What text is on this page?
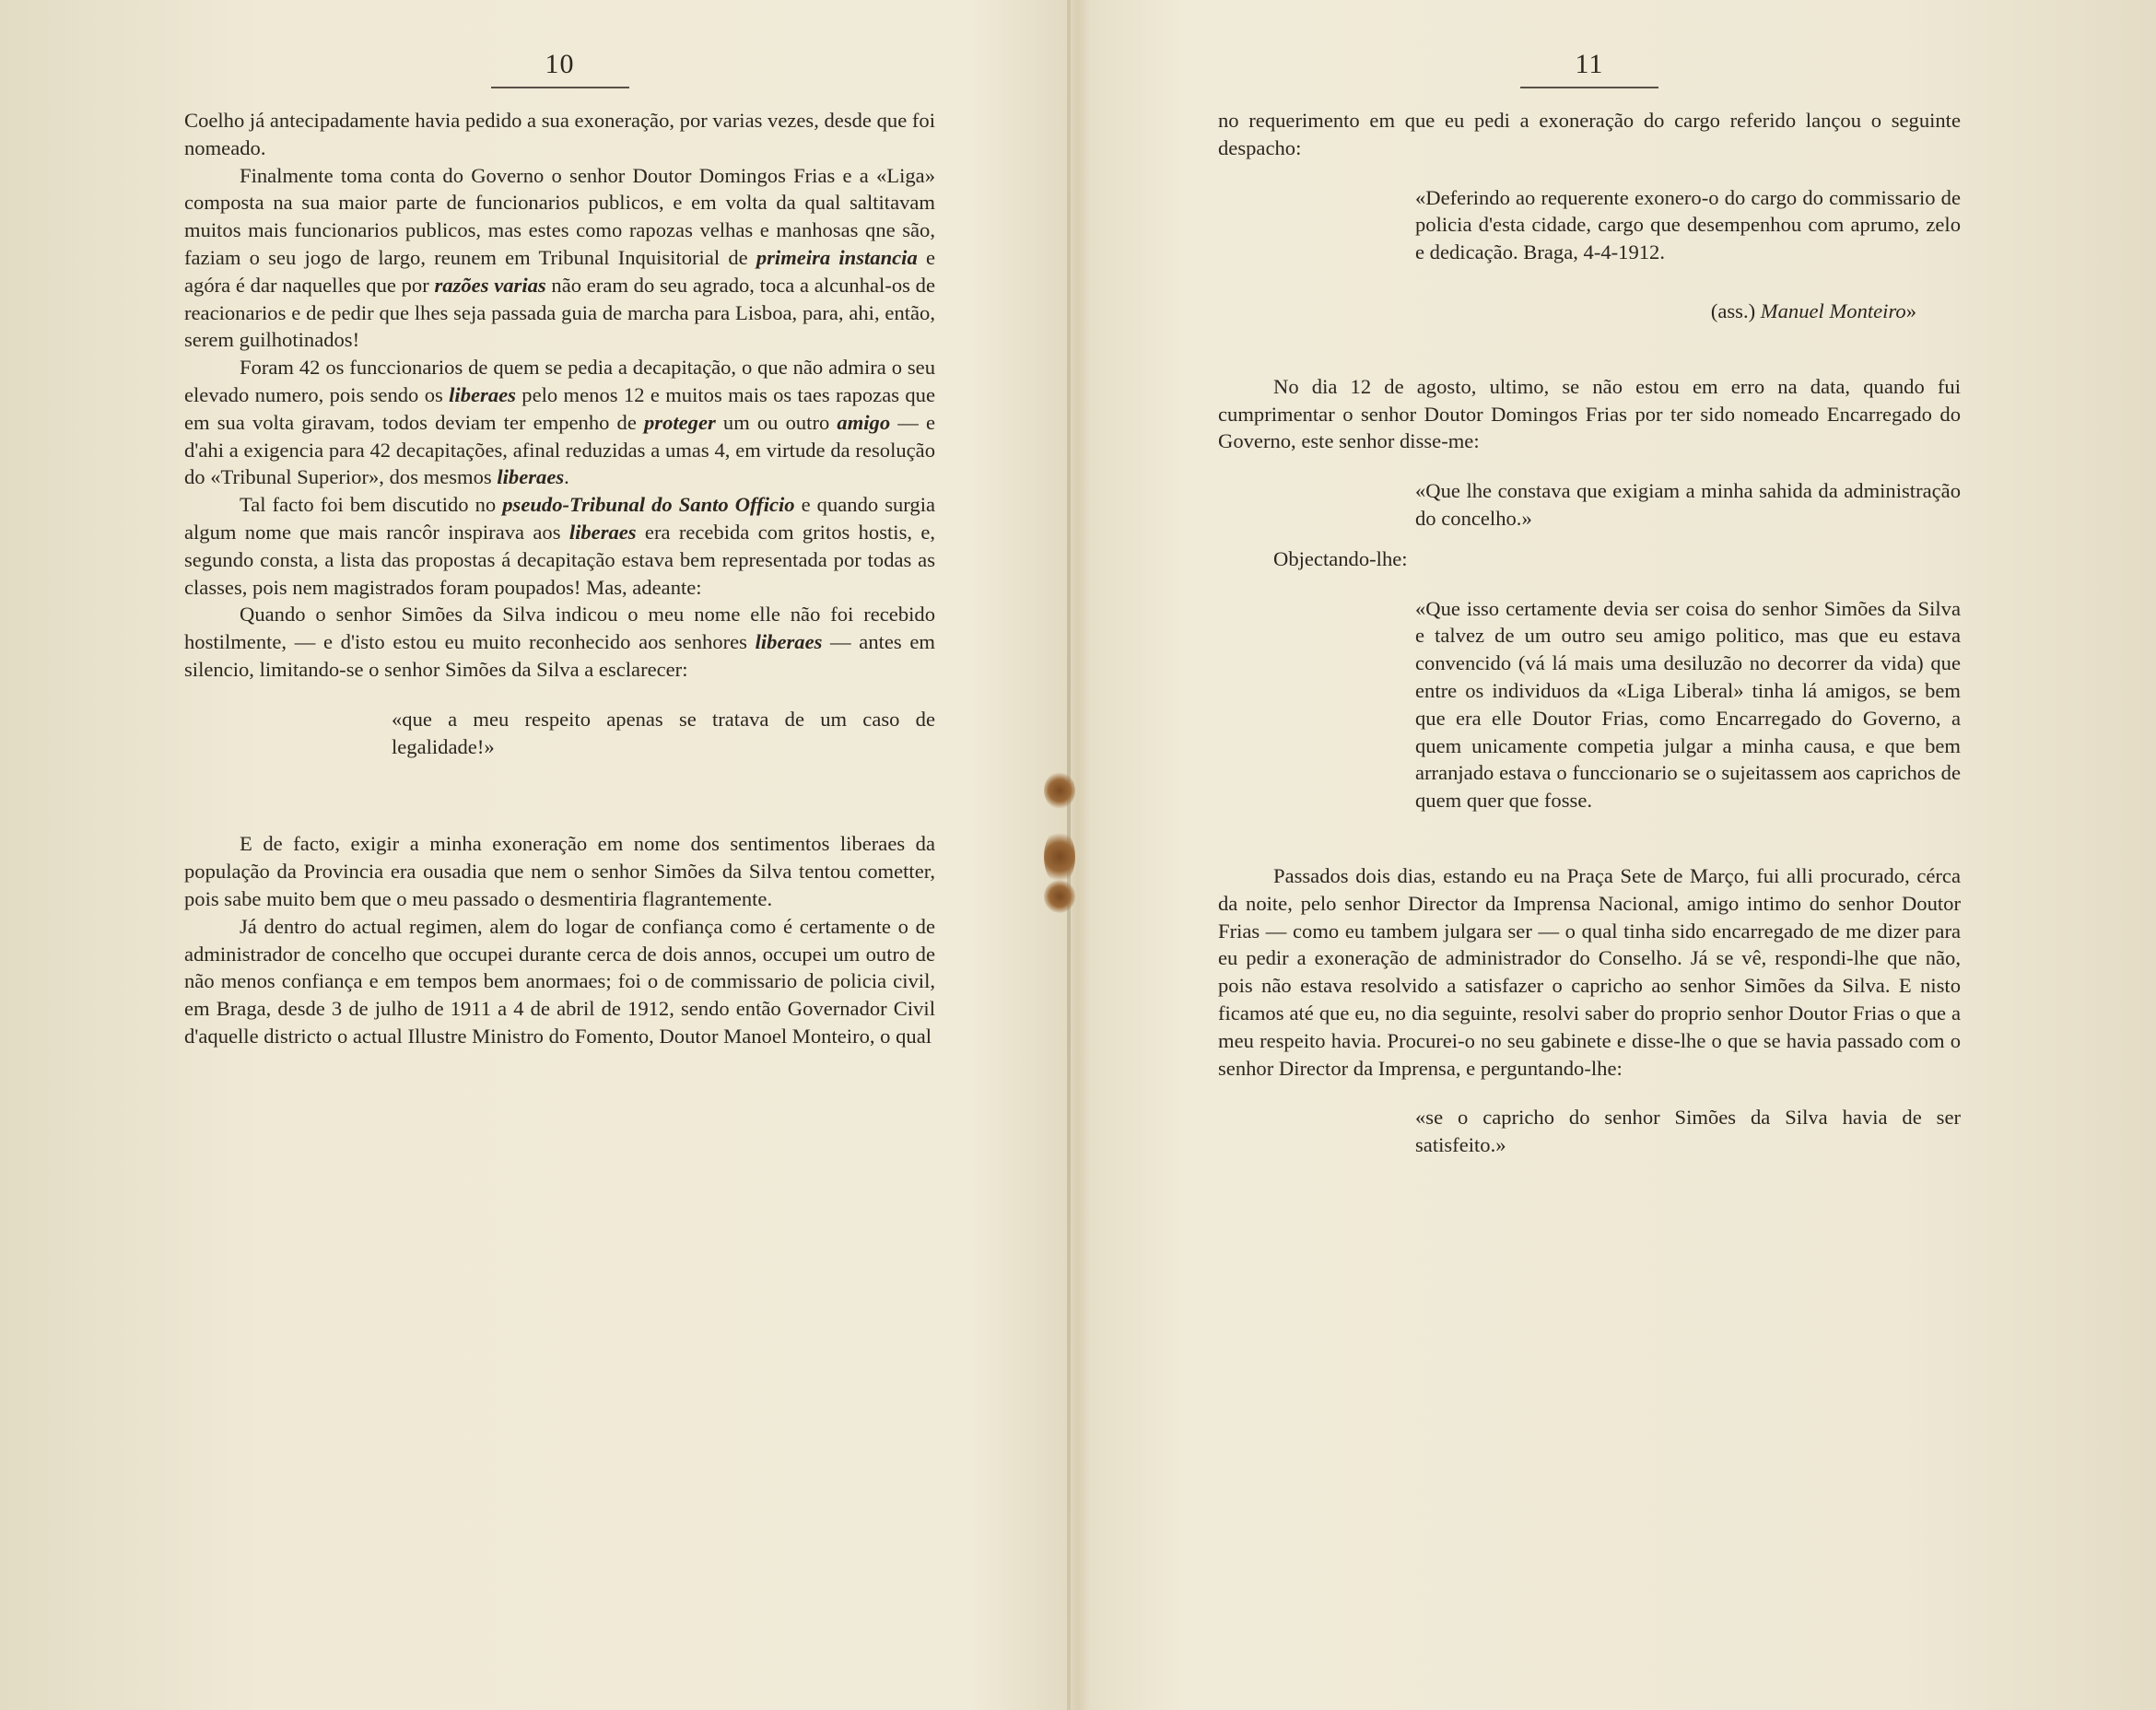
10

Coelho já antecipadamente havia pedido a sua exoneração, por varias vezes, desde que foi nomeado.

Finalmente toma conta do Governo o senhor Doutor Domingos Frias e a «Liga» composta na sua maior parte de funcionarios publicos, e em volta da qual saltitavam muitos mais funcionarios publicos, mas estes como rapozas velhas e manhosas qne são, faziam o seu jogo de largo, reunem em Tribunal Inquisitorial de primeira instancia e agóra é dar naquelles que por razões varias não eram do seu agrado, toca a alcunhal-os de reacionarios e de pedir que lhes seja passada guia de marcha para Lisboa, para, ahi, então, serem guilhotinados!

Foram 42 os funccionarios de quem se pedia a decapitação, o que não admira o seu elevado numero, pois sendo os liberaes pelo menos 12 e muitos mais os taes rapozas que em sua volta giravam, todos deviam ter empenho de proteger um ou outro amigo — e d'ahi a exigencia para 42 decapitações, afinal reduzidas a umas 4, em virtude da resolução do «Tribunal Superior», dos mesmos liberaes.

Tal facto foi bem discutido no pseudo-Tribunal do Santo Officio e quando surgia algum nome que mais rancôr inspirava aos liberaes era recebida com gritos hostis, e, segundo consta, a lista das propostas á decapitação estava bem representada por todas as classes, pois nem magistrados foram poupados! Mas, adeante:

Quando o senhor Simões da Silva indicou o meu nome elle não foi recebido hostilmente, — e d'isto estou eu muito reconhecido aos senhores liberaes — antes em silencio, limitando-se o senhor Simões da Silva a esclarecer:

«que a meu respeito apenas se tratava de um caso de legalidade!»

E de facto, exigir a minha exoneração em nome dos sentimentos liberaes da população da Provincia era ousadia que nem o senhor Simões da Silva tentou cometter, pois sabe muito bem que o meu passado o desmentiria flagrantemente.

Já dentro do actual regimen, alem do logar de confiança como é certamente o de administrador de concelho que occupei durante cerca de dois annos, occupei um outro de não menos confiança e em tempos bem anormaes; foi o de commissario de policia civil, em Braga, desde 3 de julho de 1911 a 4 de abril de 1912, sendo então Governador Civil d'aquelle districto o actual Illustre Ministro do Fomento, Doutor Manoel Monteiro, o qual

11

no requerimento em que eu pedi a exoneração do cargo referido lançou o seguinte despacho:

«Deferindo ao requerente exonero-o do cargo do commissario de policia d'esta cidade, cargo que desempenhou com aprumo, zelo e dedicação. Braga, 4-4-1912.

(ass.) Manuel Monteiro»

No dia 12 de agosto, ultimo, se não estou em erro na data, quando fui cumprimentar o senhor Doutor Domingos Frias por ter sido nomeado Encarregado do Governo, este senhor disse-me:

«Que lhe constava que exigiam a minha sahida da administração do concelho.»

Objectando-lhe:

«Que isso certamente devia ser coisa do senhor Simões da Silva e talvez de um outro seu amigo politico, mas que eu estava convencido (vá lá mais uma desiluzão no decorrer da vida) que entre os individuos da «Liga Liberal» tinha lá amigos, se bem que era elle Doutor Frias, como Encarregado do Governo, a quem unicamente competia julgar a minha causa, e que bem arranjado estava o funccionario se o sujeitassem aos caprichos de quem quer que fosse.

Passados dois dias, estando eu na Praça Sete de Março, fui alli procurado, cérca da noite, pelo senhor Director da Imprensa Nacional, amigo intimo do senhor Doutor Frias — como eu tambem julgara ser — o qual tinha sido encarregado de me dizer para eu pedir a exoneração de administrador do Conselho. Já se vê, respondi-lhe que não, pois não estava resolvido a satisfazer o capricho ao senhor Simões da Silva. E nisto ficamos até que eu, no dia seguinte, resolvi saber do proprio senhor Doutor Frias o que a meu respeito havia. Procurei-o no seu gabinete e disse-lhe o que se havia passado com o senhor Director da Imprensa, e perguntando-lhe:

«se o capricho do senhor Simões da Silva havia de ser satisfeito.»
